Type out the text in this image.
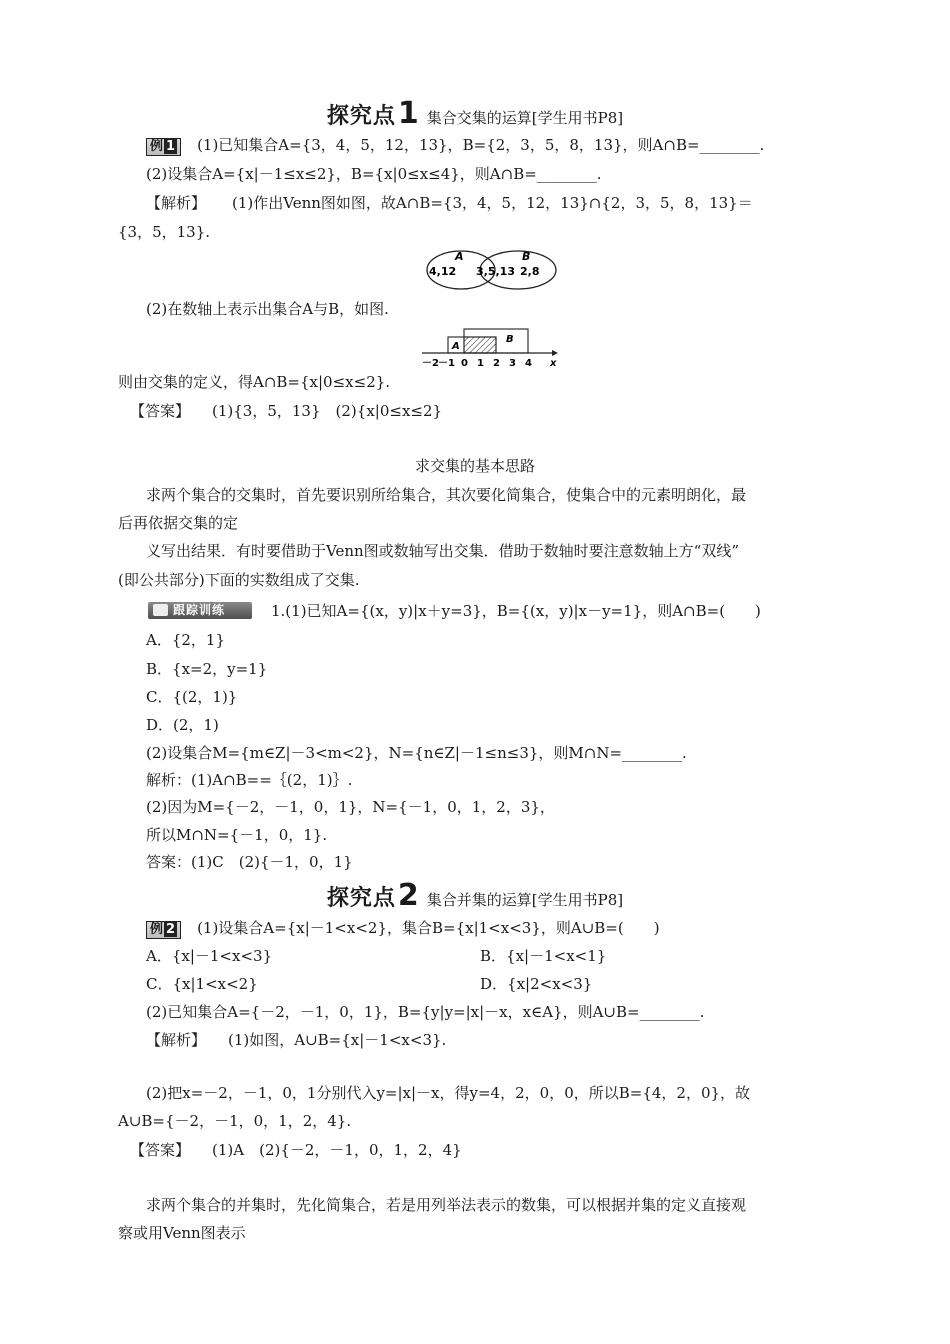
探究点1 集合交集的运算[学生用书P8]
例 1 (1)已知集合A={3，4，5，12，13}，B={2，3，5，8，13}，则A∩B=________.
(2)设集合A={x|－1≤x≤2}，B={x|0≤x≤4}，则A∩B=________.
【解析】 (1)作出Venn图如图，故A∩B={3，4，5，12，13}∩{2，3，5，8，13}＝
{3，5，13}.
A	B
4,12 3,5,13 2,8
(2)在数轴上表示出集合A与B，如图.
A
B
－2 －1 0 1 2 3 4 x
则由交集的定义，得A∩B={x|0≤x≤2}.
【答案】 (1){3，5，13}　(2){x|0≤x≤2}
求交集的基本思路
求两个集合的交集时，首先要识别所给集合，其次要化简集合，使集合中的元素明朗化，最
后再依据交集的定
义写出结果．有时要借助于Venn图或数轴写出交集．借助于数轴时要注意数轴上方“双线”
(即公共部分)下面的实数组成了交集.
跟踪训练	1.(1)已知A={(x，y)|x＋y=3}，B={(x，y)|x－y=1}，则A∩B=(　　)
A．{2，1}
B．{x=2，y=1}
C．{(2，1)}
D．(2，1)
(2)设集合M={m∈Z|－3<m<2}，N={n∈Z|－1≤n≤3}，则M∩N=________.
解析：(1)A∩B==｛(2，1)｝.
(2)因为M={－2，－1，0，1}，N={－1，0，1，2，3}，
所以M∩N={－1，0，1}.
答案：(1)C　(2){－1，0，1}
探究点2 集合并集的运算[学生用书P8]
例 2 (1)设集合A={x|－1<x<2}，集合B={x|1<x<3}，则A∪B=(　　)
A．{x|－1<x<3}	B．{x|－1<x<1}
C．{x|1<x<2}	D．{x|2<x<3}
(2)已知集合A={－2，－1，0，1}，B={y|y=|x|－x，x∈A}，则A∪B=________.
【解析】 (1)如图，A∪B={x|－1<x<3}.
(2)把x=－2，－1，0，1分别代入y=|x|－x，得y=4，2，0，0，所以B={4，2，0}，故
A∪B={－2，－1，0，1，2，4}.
【答案】 (1)A　(2){－2，－1，0，1，2，4}
求两个集合的并集时，先化简集合，若是用列举法表示的数集，可以根据并集的定义直接观
察或用Venn图表示
